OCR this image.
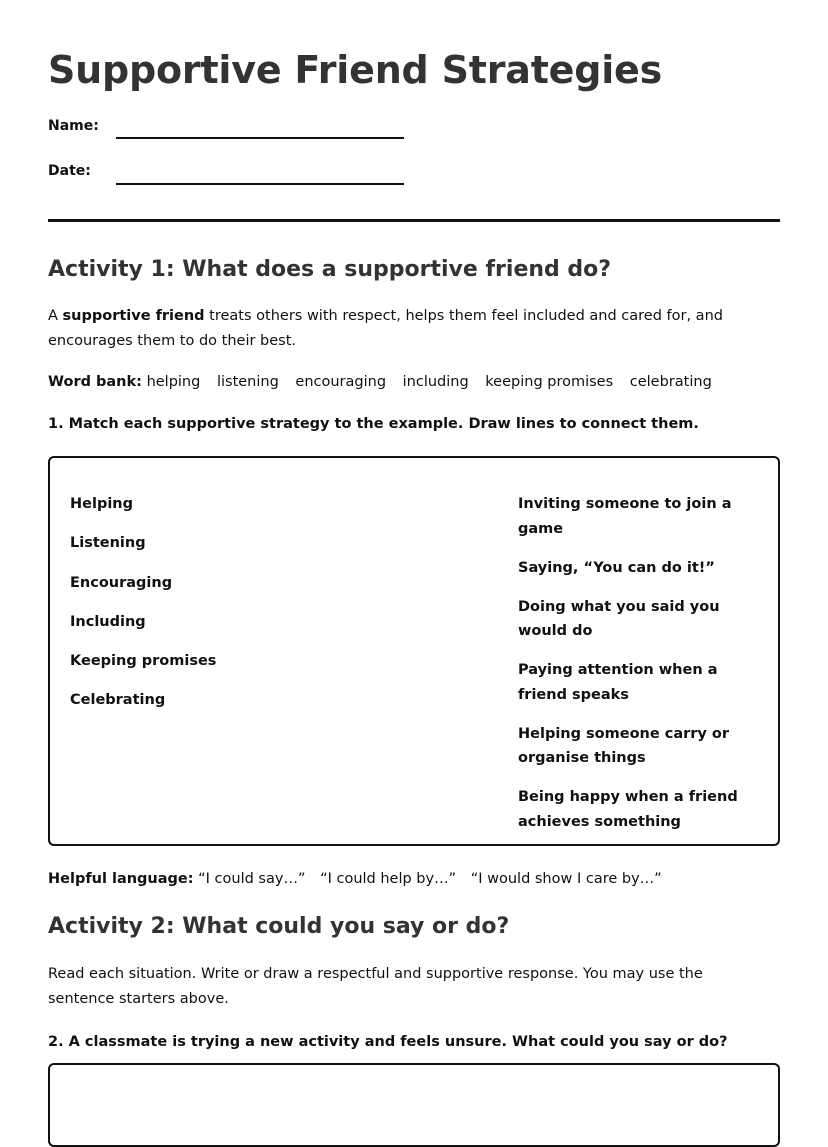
Supportive Friend Strategies
Name:
Date:
Activity 1: What does a supportive friend do?
A supportive friend treats others with respect, helps them feel included and cared for, and encourages them to do their best.
Word bank: helping listening encouraging including keeping promises celebrating
1. Match each supportive strategy to the example. Draw lines to connect them.
Helping
Listening
Encouraging
Including
Keeping promises
Celebrating
Inviting someone to join a game
Saying, “You can do it!”
Doing what you said you would do
Paying attention when a friend speaks
Helping someone carry or organise things
Being happy when a friend achieves something
Helpful language: “I could say…” “I could help by…” “I would show I care by…”
Activity 2: What could you say or do?
Read each situation. Write or draw a respectful and supportive response. You may use the sentence starters above.
2. A classmate is trying a new activity and feels unsure. What could you say or do?
